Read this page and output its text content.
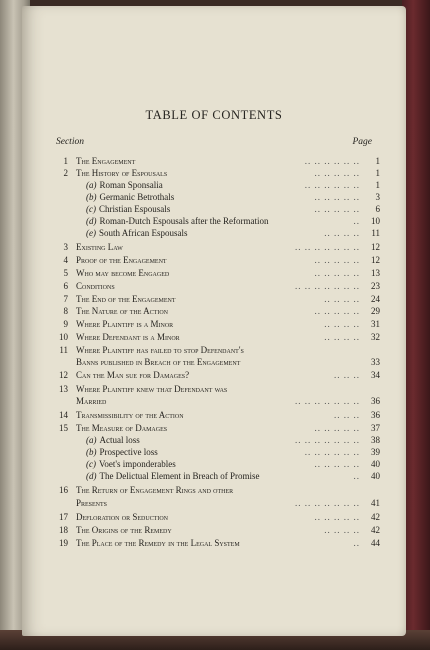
TABLE OF CONTENTS
Section	Page
1 The Engagement	.. .. .. .. .. ..	1
2 The History of Espousals	.. .. .. .. ..	1
(a) Roman Sponsalia	.. .. .. .. .. ..	1
(b) Germanic Betrothals	.. .. .. .. ..	3
(c) Christian Espousals	.. .. .. .. ..	6
(d) Roman-Dutch Espousals after the Reformation	..	10
(e) South African Espousals	.. .. .. ..	11
3 Existing Law	.. .. .. .. .. .. ..	12
4 Proof of the Engagement	.. .. .. .. ..	12
5 Who may become Engaged	.. .. .. .. ..	13
6 Conditions	.. .. .. .. .. .. ..	23
7 The End of the Engagement	.. .. .. ..	24
8 The Nature of the Action	.. .. .. .. ..	29
9 Where Plaintiff is a Minor	.. .. .. ..	31
10 Where Defendant is a Minor	.. .. .. ..	32
11 Where Plaintiff has failed to stop Defendant's
Banns published in Breach of the Engagement	33
12 Can the Man sue for Damages?	.. .. ..	34
13 Where Plaintiff knew that Defendant was
Married	.. .. .. .. .. .. ..	36
14 Transmissibility of the Action	.. .. ..	36
15 The Measure of Damages	.. .. .. .. ..	37
(a) Actual loss	.. .. .. .. .. .. ..	38
(b) Prospective loss	.. .. .. .. .. ..	39
(c) Voet's imponderables	.. .. .. .. ..	40
(d) The Delictual Element in Breach of Promise	..	40
16 The Return of Engagement Rings and other
Presents	.. .. .. .. .. .. ..	41
17 Defloration or Seduction	.. .. .. .. ..	42
18 The Origins of the Remedy	.. .. .. ..	42
19 The Place of the Remedy in the Legal System	..	44
